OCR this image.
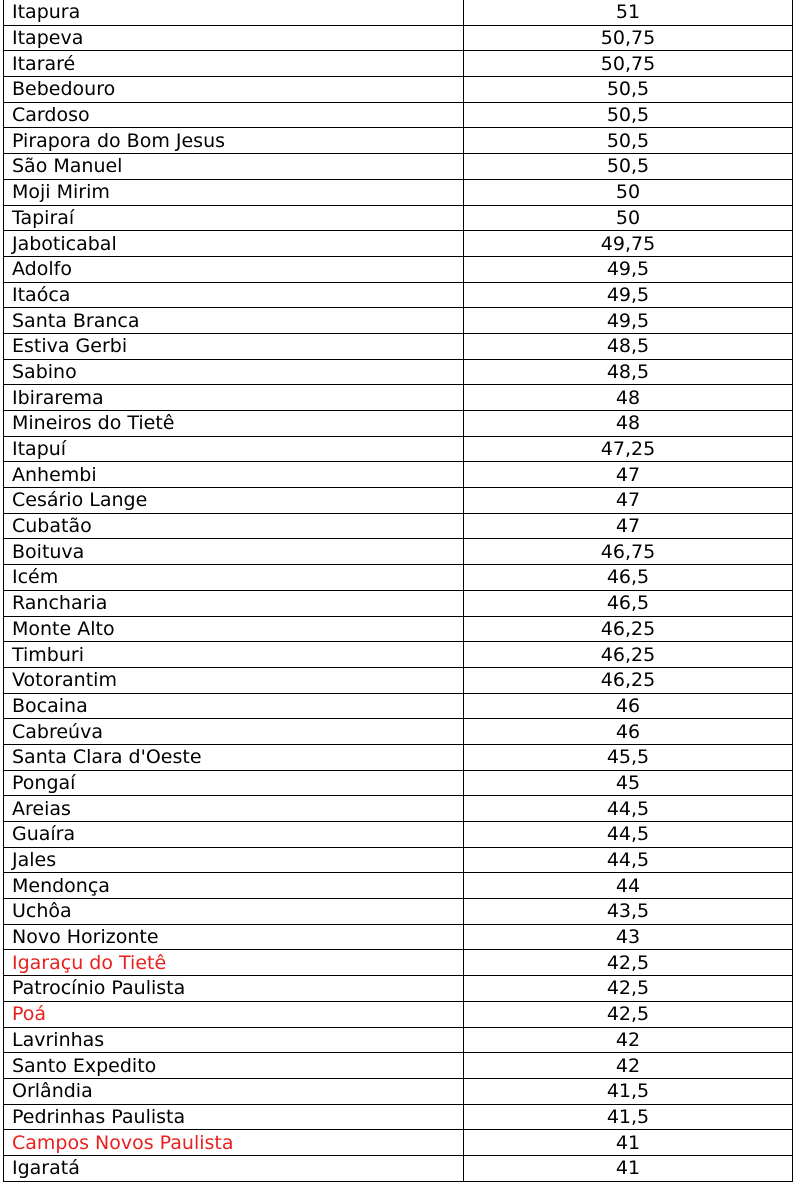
Itapura	51
Itapeva	50,75
Itararé	50,75
Bebedouro	50,5
Cardoso	50,5
Pirapora do Bom Jesus	50,5
São Manuel	50,5
Moji Mirim	50
Tapiraí	50
Jaboticabal	49,75
Adolfo	49,5
Itaóca	49,5
Santa Branca	49,5
Estiva Gerbi	48,5
Sabino	48,5
Ibirarema	48
Mineiros do Tietê	48
Itapuí	47,25
Anhembi	47
Cesário Lange	47
Cubatão	47
Boituva	46,75
Icém	46,5
Rancharia	46,5
Monte Alto	46,25
Timburi	46,25
Votorantim	46,25
Bocaina	46
Cabreúva	46
Santa Clara d'Oeste	45,5
Pongaí	45
Areias	44,5
Guaíra	44,5
Jales	44,5
Mendonça	44
Uchôa	43,5
Novo Horizonte	43
Igaraçu do Tietê	42,5
Patrocínio Paulista	42,5
Poá	42,5
Lavrinhas	42
Santo Expedito	42
Orlândia	41,5
Pedrinhas Paulista	41,5
Campos Novos Paulista	41
Igaratá	41
